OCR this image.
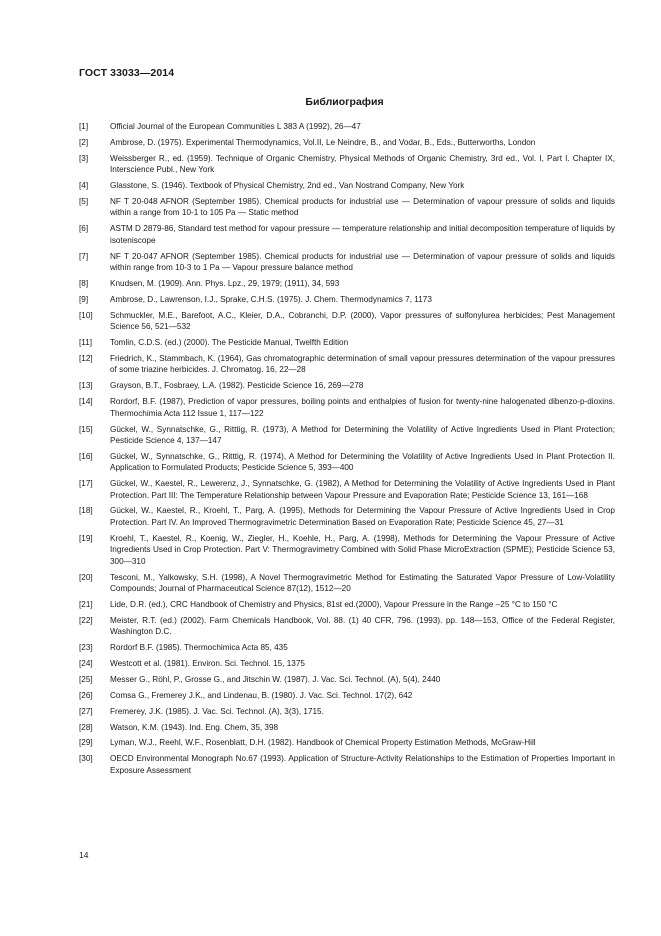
ГОСТ 33033—2014
Библиография
[1]	Official Journal of the European Communities L 383 A (1992), 26—47
[2]	Ambrose, D. (1975). Experimental Thermodynamics, Vol.II, Le Neindre, B., and Vodar, B., Eds., Butterworths, London
[3]	Weissberger R., ed. (1959). Technique of Organic Chemistry, Physical Methods of Organic Chemistry, 3rd ed., Vol. I, Part I. Chapter IX, Interscience Publ., New York
[4]	Glasstone, S. (1946). Textbook of Physical Chemistry, 2nd ed., Van Nostrand Company, New York
[5]	NF T 20-048 AFNOR (September 1985). Chemical products for industrial use — Determination of vapour pressure of solids and liquids within a range from 10-1 to 105 Pa — Static method
[6]	ASTM D 2879-86, Standard test method for vapour pressure — temperature relationship and initial decomposition temperature of liquids by isoteniscope
[7]	NF T 20-047 AFNOR (September 1985). Chemical products for industrial use — Determination of vapour pressure of solids and liquids within range from 10-3 to 1 Pa — Vapour pressure balance method
[8]	Knudsen, M. (1909). Ann. Phys. Lpz., 29, 1979; (1911), 34, 593
[9]	Ambrose, D., Lawrenson, I.J., Sprake, C.H.S. (1975). J. Chem. Thermodynamics 7, 1173
[10]	Schmuckler, M.E., Barefoot, A.C., Kleier, D.A., Cobranchi, D.P. (2000), Vapor pressures of sulfonylurea herbicides; Pest Management Science 56, 521—532
[11]	Tomlin, C.D.S. (ed.) (2000). The Pesticide Manual, Twelfth Edition
[12]	Friedrich, K., Stammbach, K. (1964), Gas chromatographic determination of small vapour pressures determination of the vapour pressures of some triazine herbicides. J. Chromatog. 16, 22—28
[13]	Grayson, B.T., Fosbraey, L.A. (1982). Pesticide Science 16, 269—278
[14]	Rordorf, B.F. (1987), Prediction of vapor pressures, boiling points and enthalpies of fusion for twenty-nine halogenated dibenzo-p-dioxins. Thermochimia Acta 112 Issue 1, 117—122
[15]	Gückel, W., Synnatschke, G., Ritttig, R. (1973), A Method for Determining the Volatility of Active Ingredients Used in Plant Protection; Pesticide Science 4, 137—147
[16]	Gückel, W., Synnatschke, G., Ritttig, R. (1974), A Method for Determining the Volatility of Active Ingredients Used in Plant Protection II. Application to Formulated Products; Pesticide Science 5, 393—400
[17]	Gückel, W., Kaestel, R., Lewerenz, J., Synnatschke, G. (1982), A Method for Determining the Volatility of Active Ingredients Used in Plant Protection. Part III: The Temperature Relationship between Vapour Pressure and Evaporation Rate; Pesticide Science 13, 161—168
[18]	Gückel, W., Kaestel, R., Kroehl, T., Parg, A. (1995), Methods for Determining the Vapour Pressure of Active Ingredients Used in Crop Protection. Part IV. An Improved Thermogravimetric Determination Based on Evaporation Rate; Pesticide Science 45, 27—31
[19]	Kroehl, T., Kaestel, R., Koenig, W., Ziegler, H., Koehle, H., Parg, A. (1998), Methods for Determining the Vapour Pressure of Active Ingredients Used in Crop Protection. Part V: Thermogravimetry Combined with Solid Phase MicroExtraction (SPME); Pesticide Science 53, 300—310
[20]	Tesconi, M., Yalkowsky, S.H. (1998), A Novel Thermogravimetric Method for Estimating the Saturated Vapor Pressure of Low-Volatility Compounds; Journal of Pharmaceutical Science 87(12), 1512—20
[21]	Lide, D.R. (ed.), CRC Handbook of Chemistry and Physics, 81st ed.(2000), Vapour Pressure in the Range –25 °C to 150 °C
[22]	Meister, R.T. (ed.) (2002). Farm Chemicals Handbook, Vol. 88. (1) 40 CFR, 796. (1993). pp. 148—153, Office of the Federal Register, Washington D.C.
[23]	Rordorf B.F. (1985). Thermochimica Acta 85, 435
[24]	Westcott et al. (1981). Environ. Sci. Technol. 15, 1375
[25]	Messer G., Röhl, P., Grosse G., and Jitschin W. (1987). J. Vac. Sci. Technol. (A), 5(4), 2440
[26]	Comsa G., Fremerey J.K., and Lindenau, B. (1980). J. Vac. Sci. Technol. 17(2), 642
[27]	Fremerey, J.K. (1985). J. Vac. Sci. Technol. (A), 3(3), 1715.
[28]	Watson, K.M. (1943). Ind. Eng. Chem, 35, 398
[29]	Lyman, W.J., Reehl, W.F., Rosenblatt, D.H. (1982). Handbook of Chemical Property Estimation Methods, McGraw-Hill
[30]	OECD Environmental Monograph No.67 (1993). Application of Structure-Activity Relationships to the Estimation of Properties Important in Exposure Assessment
14
